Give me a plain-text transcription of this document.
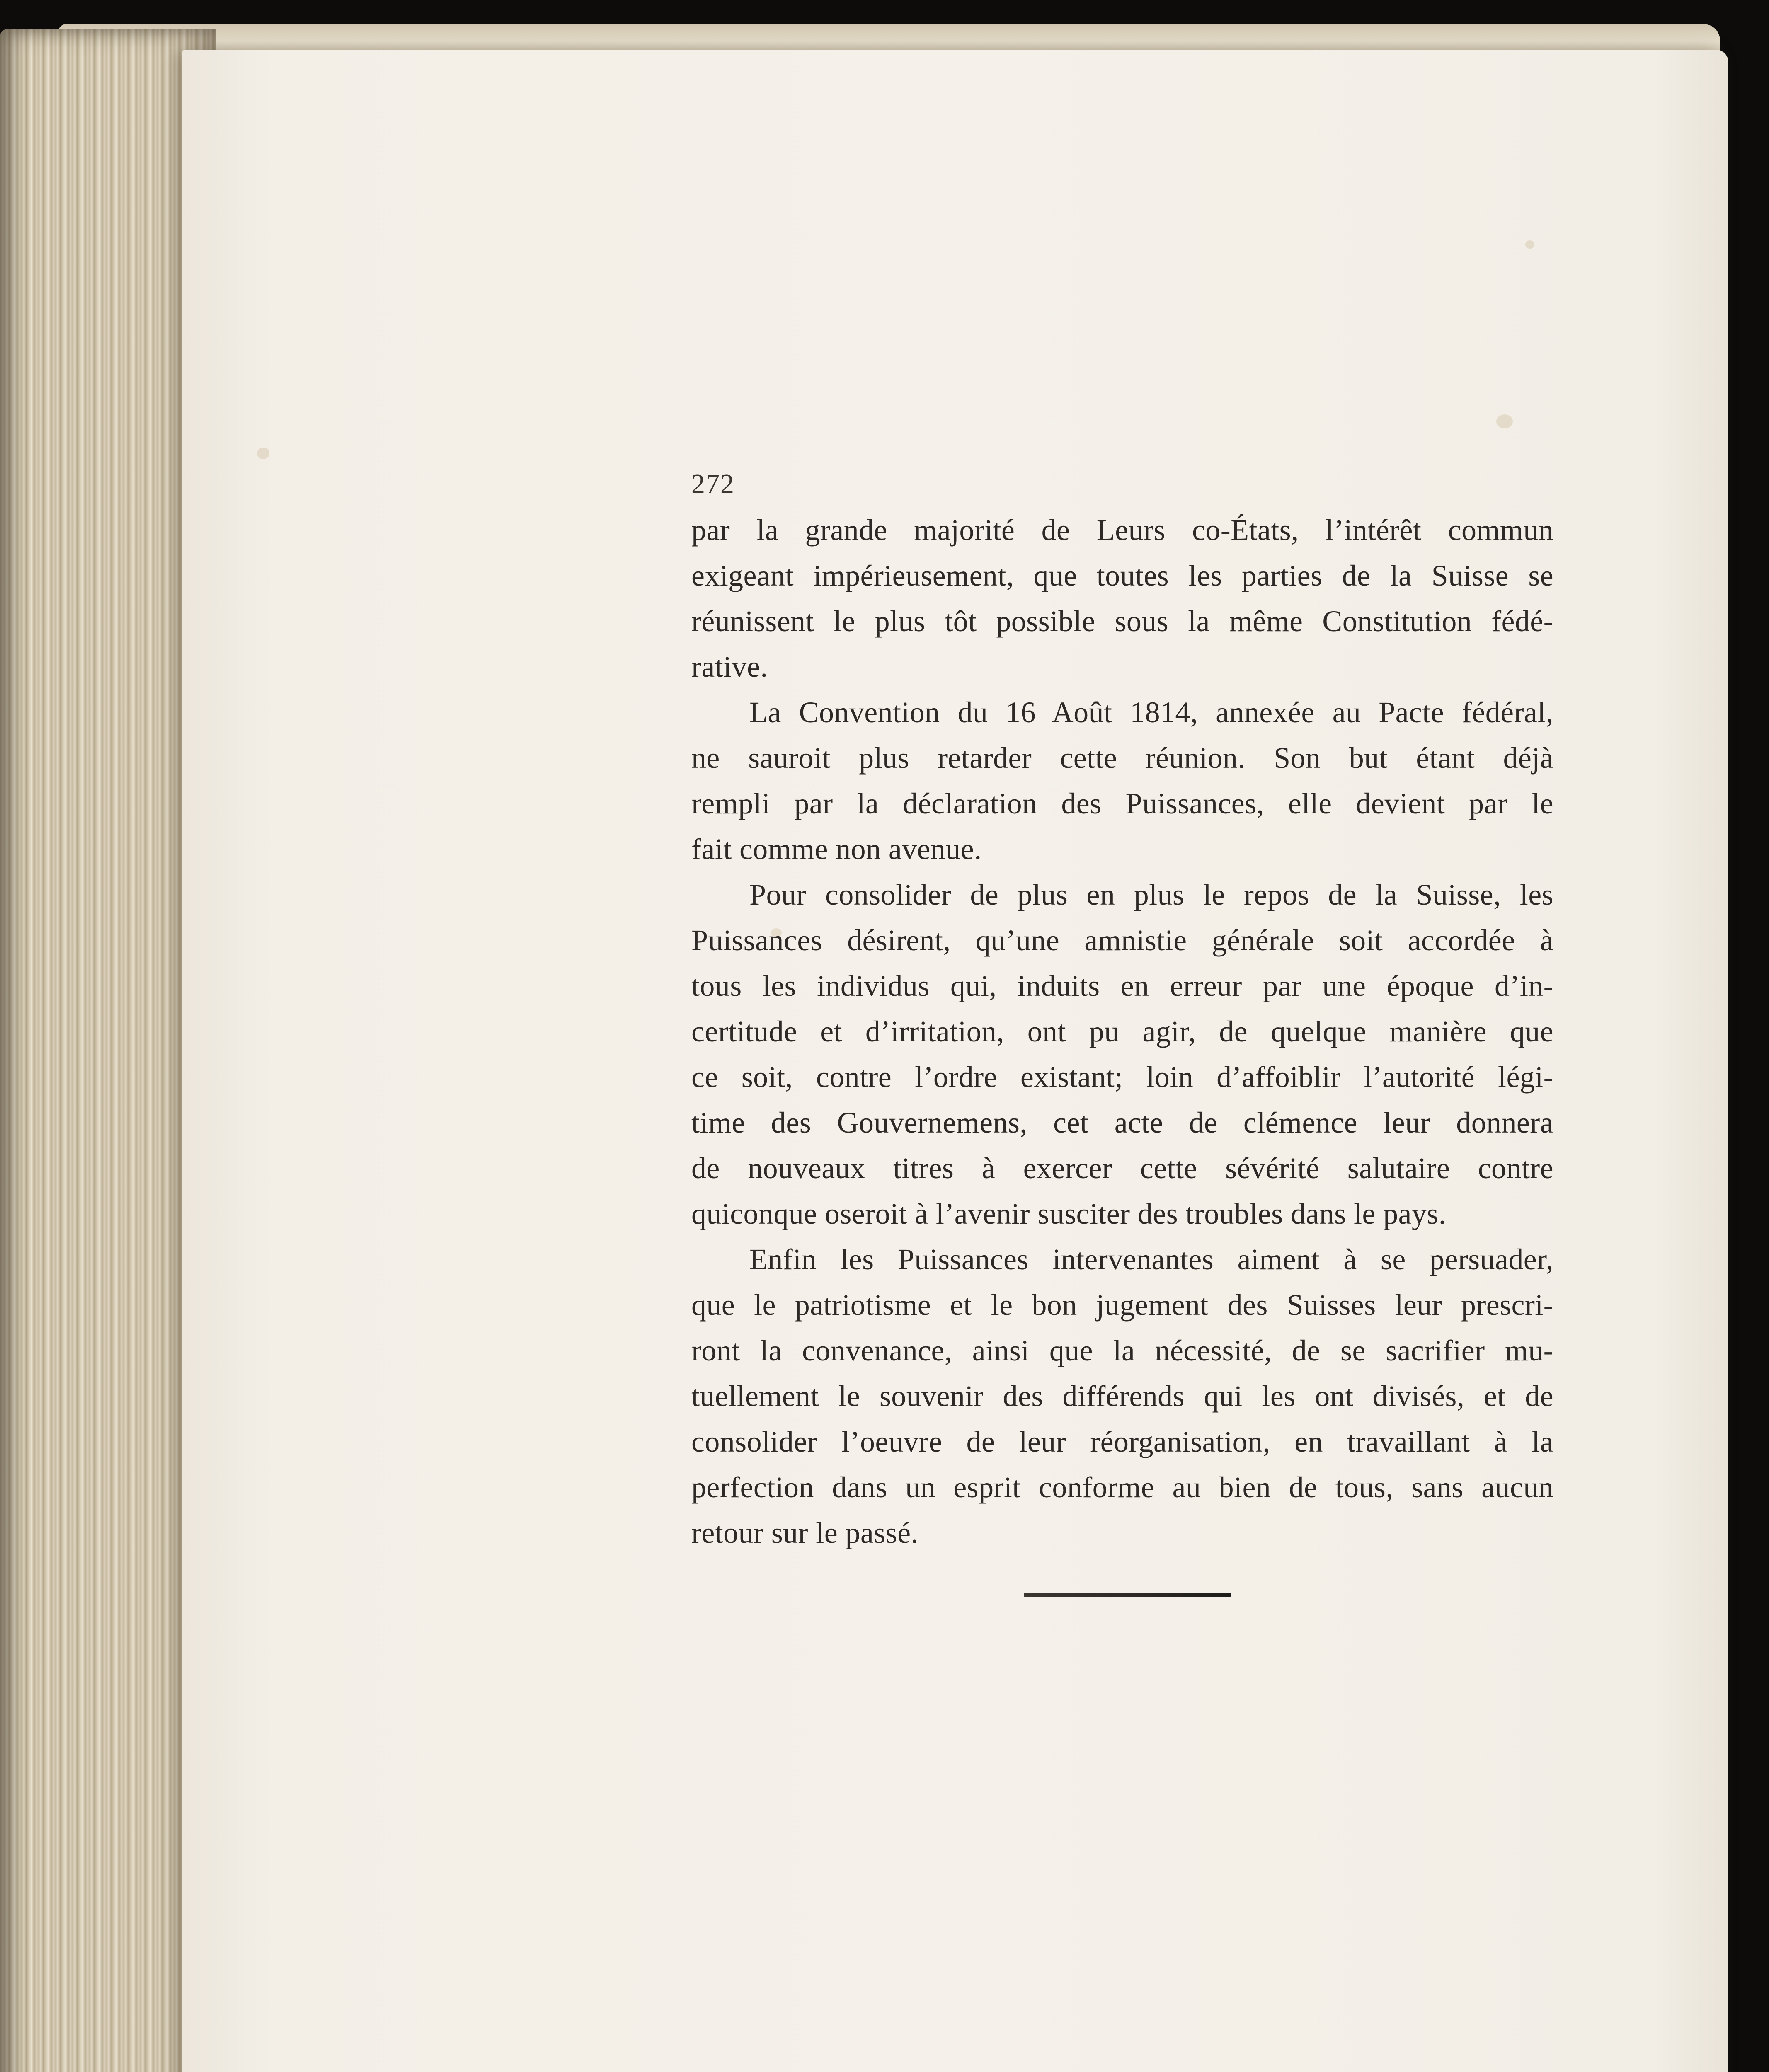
272
par la grande majorité de Leurs co-États, l’intérêt commun
exigeant impérieusement, que toutes les parties de la Suisse se
réunissent le plus tôt possible sous la même Constitution fédé-
rative.
La Convention du 16 Août 1814, annexée au Pacte fédéral,
ne sauroit plus retarder cette réunion. Son but étant déjà
rempli par la déclaration des Puissances, elle devient par le
fait comme non avenue.
Pour consolider de plus en plus le repos de la Suisse, les
Puissances désirent, qu’une amnistie générale soit accordée à
tous les individus qui, induits en erreur par une époque d’in-
certitude et d’irritation, ont pu agir, de quelque manière que
ce soit, contre l’ordre existant; loin d’affoiblir l’autorité légi-
time des Gouvernemens, cet acte de clémence leur donnera
de nouveaux titres à exercer cette sévérité salutaire contre
quiconque oseroit à l’avenir susciter des troubles dans le pays.
Enfin les Puissances intervenantes aiment à se persuader,
que le patriotisme et le bon jugement des Suisses leur prescri-
ront la convenance, ainsi que la nécessité, de se sacrifier mu-
tuellement le souvenir des différends qui les ont divisés, et de
consolider l’oeuvre de leur réorganisation, en travaillant à la
perfection dans un esprit conforme au bien de tous, sans aucun
retour sur le passé.
